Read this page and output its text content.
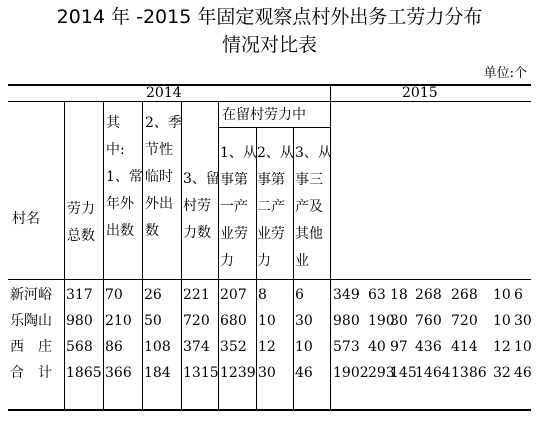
2014 年 -2015 年固定观察点村外出务工劳力分布
情况对比表
单位:个
2014	2015
村名
劳力
总数
其
中:
1、常
年外
出数
2、季
节性
临时
外出
数
3、留
村劳
力数
在留村劳力中
1、从
事第
一产
业劳
力
2、从
事第
二产
业劳
力
3、从
事三
产及
其他
业
新河峪 317 70 26 221 207 8 6 349 63 18 268 268 10 6
乐陶山 980 210 50 720 680 10 30 980 190
30 760 720 10 30
西　庄 568 86 108 374 352 12 10 573 40 97 436 414 12 10
合　计 1865 366 184 1315 1239 30 46 1902 293
145
1464 1386 32 46
